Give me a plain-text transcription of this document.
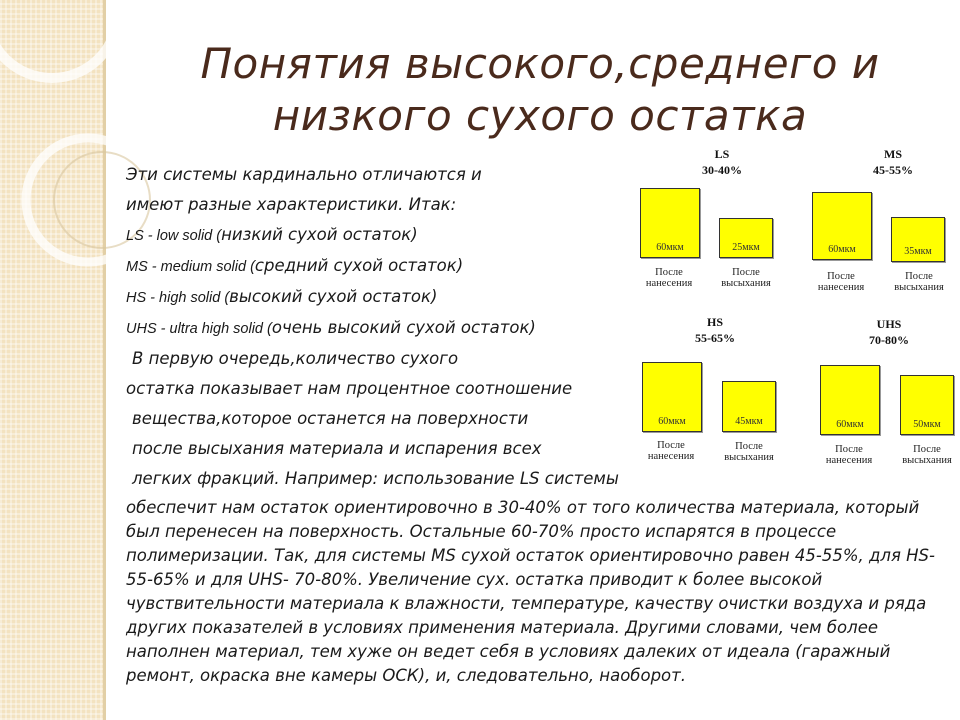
Понятия высокого,среднего и
низкого сухого остатка
Эти системы кардинально отличаются и
имеют разные характеристики. Итак:
LS - low solid (низкий сухой остаток)
MS - medium solid (средний сухой остаток)
HS - high solid (высокий сухой остаток)
UHS - ultra high solid (очень высокий сухой остаток)
В первую очередь,количество сухого
остатка показывает нам процентное соотношение
вещества,которое останется на поверхности
после высыхания материала и испарения всех
легких фракций. Например: использование LS системы
обеспечит нам остаток ориентировочно в 30-40% от того количества материала, который был перенесен на поверхность. Остальные 60-70% просто испарятся в процессе полимеризации. Так, для системы MS сухой остаток ориентировочно равен 45-55%, для HS- 55-65% и для UHS- 70-80%. Увеличение сух. остатка приводит к более высокой чувствительности материала к влажности, температуре, качеству очистки воздуха и ряда других показателей в условиях применения материала. Другими словами, чем более наполнен материал, тем хуже он ведет себя в условиях далеких от идеала (гаражный ремонт, окраска вне камеры ОСК), и, следовательно, наоборот.
LS
30-40%
60мкм	25мкм
После нанесения
После высыхания
MS
45-55%
60мкм	35мкм
После нанесения
После высыхания
HS
55-65%
60мкм	45мкм
После нанесения
После высыхания
UHS
70-80%
60мкм	50мкм
После нанесения
После высыхания
